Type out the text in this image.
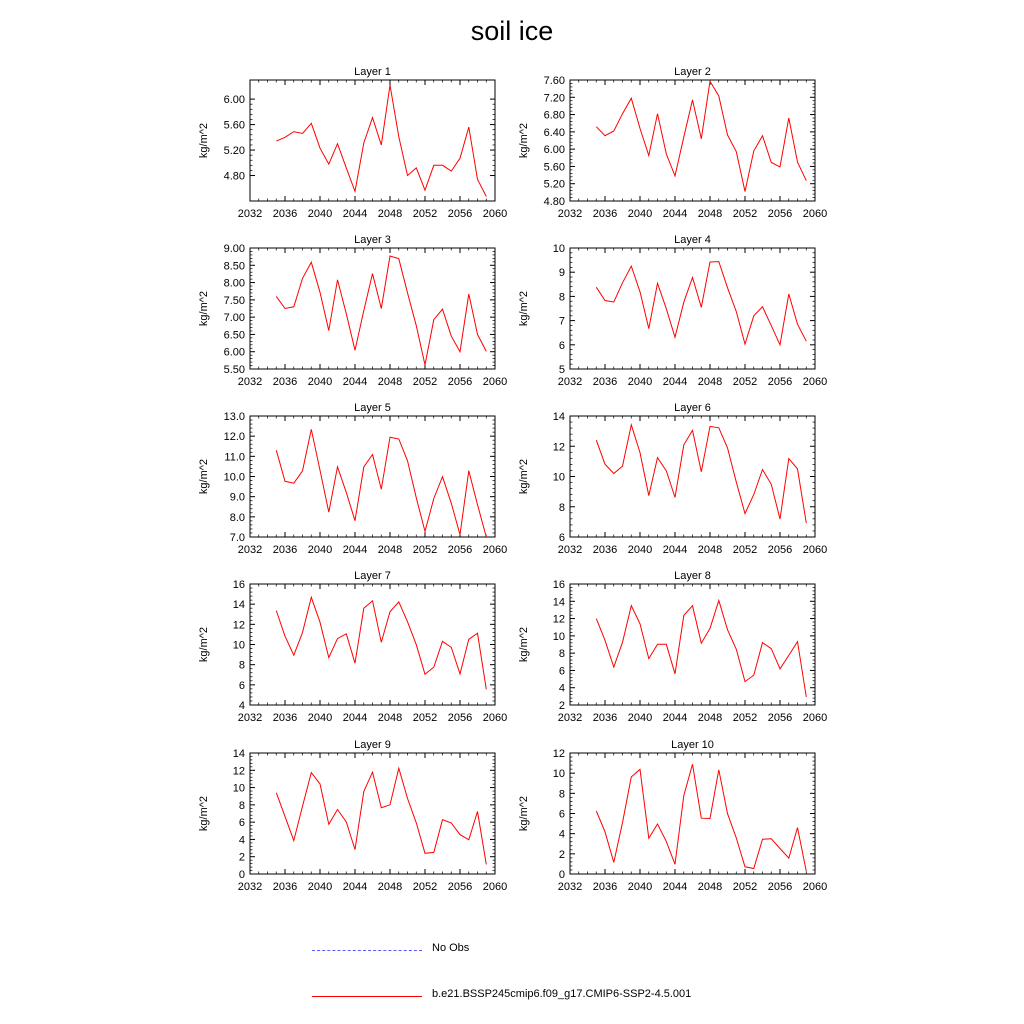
soil ice
Layer 1
kg/m^2
2032 2036 2040 2044 2048 2052 2056 2060
4.80
5.20
5.60
6.00
Layer 2
kg/m^2
2032 2036 2040 2044 2048 2052 2056 2060
4.80
5.20
5.60
6.00
6.40
6.80
7.20
7.60
Layer 3
kg/m^2
2032 2036 2040 2044 2048 2052 2056 2060
5.50
6.00
6.50
7.00
7.50
8.00
8.50
9.00
Layer 4
kg/m^2
2032 2036 2040 2044 2048 2052 2056 2060
5
6
7
8
9
10
Layer 5
kg/m^2
2032 2036 2040 2044 2048 2052 2056 2060
7.0
8.0
9.0
10.0
11.0
12.0
13.0
Layer 6
kg/m^2
2032 2036 2040 2044 2048 2052 2056 2060
6
8
10
12
14
Layer 7
kg/m^2
2032 2036 2040 2044 2048 2052 2056 2060
4
6
8
10
12
14
16
Layer 8
kg/m^2
2032 2036 2040 2044 2048 2052 2056 2060
2
4
6
8
10
12
14
16
Layer 9
kg/m^2
2032 2036 2040 2044 2048 2052 2056 2060
0
2
4
6
8
10
12
14
Layer 10
kg/m^2
2032 2036 2040 2044 2048 2052 2056 2060
0
2
4
6
8
10
12
No Obs
b.e21.BSSP245cmip6.f09_g17.CMIP6-SSP2-4.5.001
